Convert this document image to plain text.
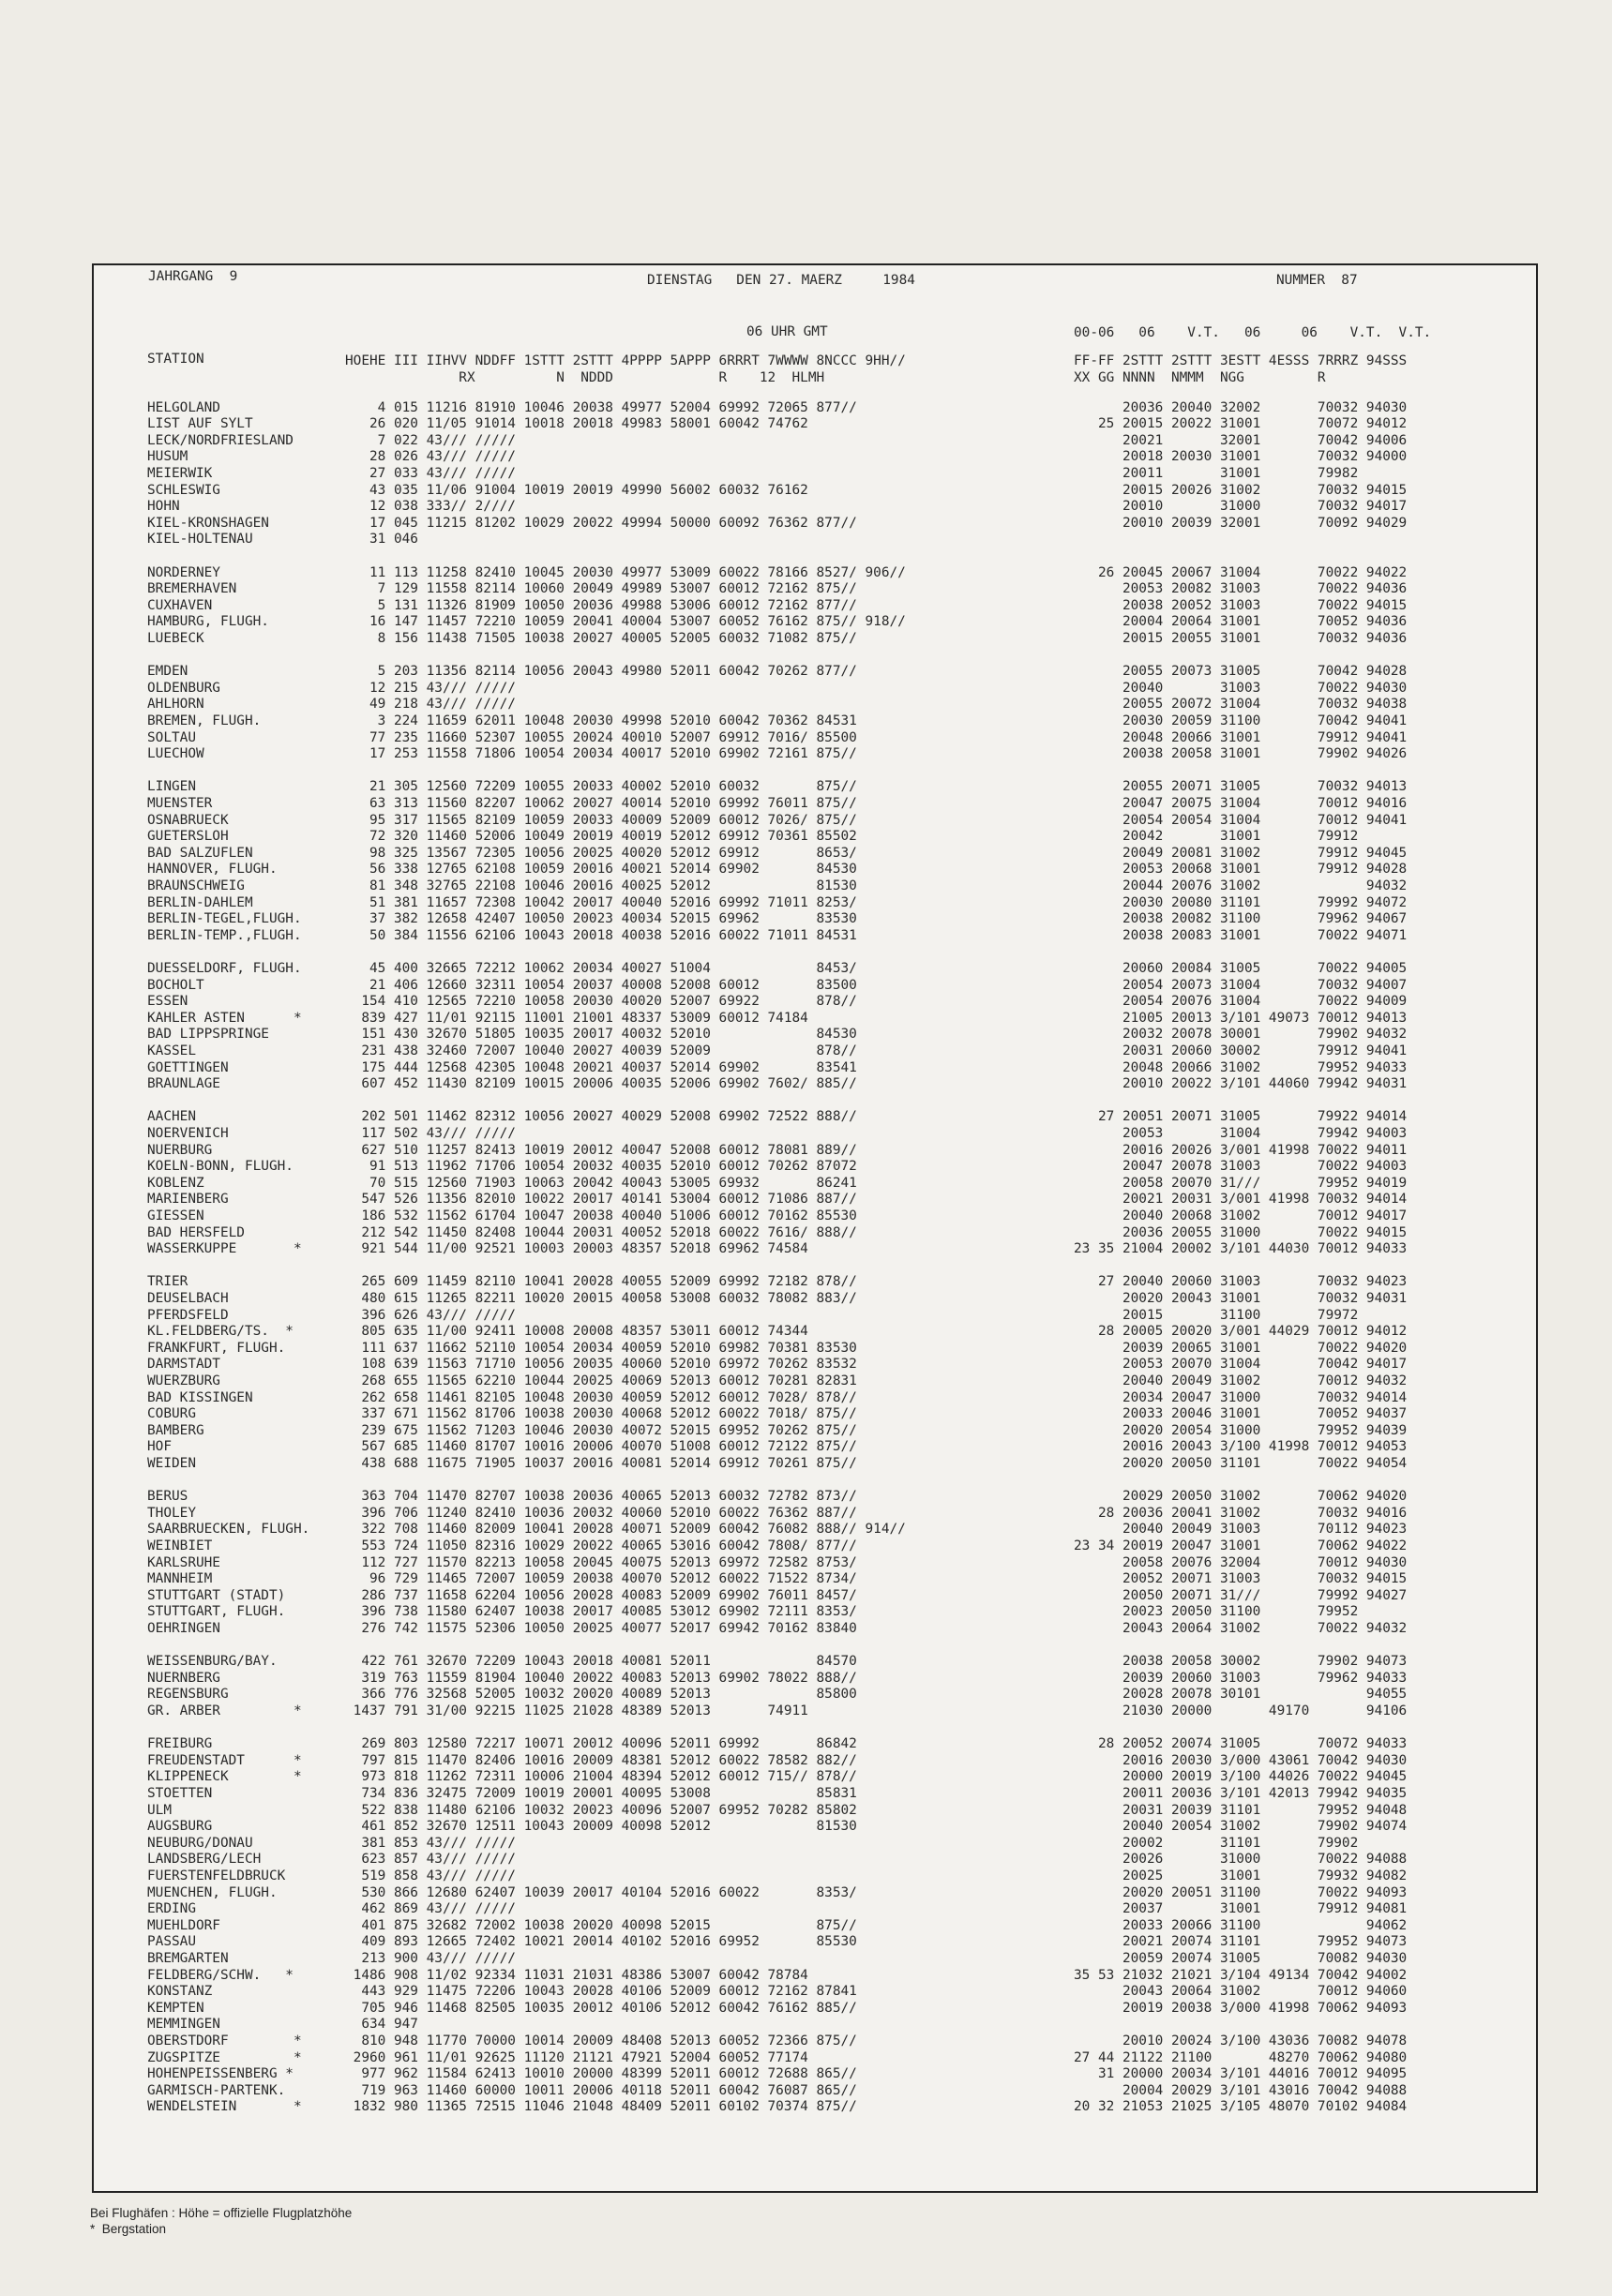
JAHRGANG  9	DIENSTAG   DEN 27. MAERZ     1984	NUMMER  87
06 UHR GMT	00-06   06    V.T.   06     06    V.T.  V.T.
STATION	HOEHE III IIHVV NDDFF 1STTT 2STTT 4PPPP 5APPP 6RRRT 7WWWW 8NCCC 9HH//
RX          N  NDDD             R    12  HLMH
FF-FF 2STTT 2STTT 3ESTT 4ESSS 7RRRZ 94SSS
XX GG NNNN  NMMM  NGG         R
HELGOLAND	4 015 11216 81910 10046 20038 49977 52004 69992 72065 877//	20036 20040 32002       70032 94030
LIST AUF SYLT	26 020 11/05 91014 10018 20018 49983 58001 60042 74762	25 20015 20022 31001       70072 94012
LECK/NORDFRIESLAND	7 022 43/// /////	20021       32001       70042 94006
HUSUM	28 026 43/// /////	20018 20030 31001       70032 94000
MEIERWIK	27 033 43/// /////	20011       31001       79982
SCHLESWIG	43 035 11/06 91004 10019 20019 49990 56002 60032 76162	20015 20026 31002       70032 94015
HOHN	12 038 333// 2////	20010       31000       70032 94017
KIEL-KRONSHAGEN	17 045 11215 81202 10029 20022 49994 50000 60092 76362 877//	20010 20039 32001       70092 94029
KIEL-HOLTENAU	31 046
NORDERNEY	11 113 11258 82410 10045 20030 49977 53009 60022 78166 8527/ 906//	26 20045 20067 31004       70022 94022
BREMERHAVEN	7 129 11558 82114 10060 20049 49989 53007 60012 72162 875//	20053 20082 31003       70022 94036
CUXHAVEN	5 131 11326 81909 10050 20036 49988 53006 60012 72162 877//	20038 20052 31003       70022 94015
HAMBURG, FLUGH.	16 147 11457 72210 10059 20041 40004 53007 60052 76162 875// 918//	20004 20064 31001       70052 94036
LUEBECK	8 156 11438 71505 10038 20027 40005 52005 60032 71082 875//	20015 20055 31001       70032 94036
EMDEN	5 203 11356 82114 10056 20043 49980 52011 60042 70262 877//	20055 20073 31005       70042 94028
OLDENBURG	12 215 43/// /////	20040       31003       70022 94030
AHLHORN	49 218 43/// /////	20055 20072 31004       70032 94038
BREMEN, FLUGH.	3 224 11659 62011 10048 20030 49998 52010 60042 70362 84531	20030 20059 31100       70042 94041
SOLTAU	77 235 11660 52307 10055 20024 40010 52007 69912 7016/ 85500	20048 20066 31001       79912 94041
LUECHOW	17 253 11558 71806 10054 20034 40017 52010 69902 72161 875//	20038 20058 31001       79902 94026
LINGEN	21 305 12560 72209 10055 20033 40002 52010 60032       875//	20055 20071 31005       70032 94013
MUENSTER	63 313 11560 82207 10062 20027 40014 52010 69992 76011 875//	20047 20075 31004       70012 94016
OSNABRUECK	95 317 11565 82109 10059 20033 40009 52009 60012 7026/ 875//	20054 20054 31004       70012 94041
GUETERSLOH	72 320 11460 52006 10049 20019 40019 52012 69912 70361 85502	20042       31001       79912
BAD SALZUFLEN	98 325 13567 72305 10056 20025 40020 52012 69912       8653/	20049 20081 31002       79912 94045
HANNOVER, FLUGH.	56 338 12765 62108 10059 20016 40021 52014 69902       84530	20053 20068 31001       79912 94028
BRAUNSCHWEIG	81 348 32765 22108 10046 20016 40025 52012             81530	20044 20076 31002             94032
BERLIN-DAHLEM	51 381 11657 72308 10042 20017 40040 52016 69992 71011 8253/	20030 20080 31101       79992 94072
BERLIN-TEGEL,FLUGH.	37 382 12658 42407 10050 20023 40034 52015 69962       83530	20038 20082 31100       79962 94067
BERLIN-TEMP.,FLUGH.	50 384 11556 62106 10043 20018 40038 52016 60022 71011 84531	20038 20083 31001       70022 94071
DUESSELDORF, FLUGH.	45 400 32665 72212 10062 20034 40027 51004             8453/	20060 20084 31005       70022 94005
BOCHOLT	21 406 12660 32311 10054 20037 40008 52008 60012       83500	20054 20073 31004       70032 94007
ESSEN	154 410 12565 72210 10058 20030 40020 52007 69922       878//	20054 20076 31004       70022 94009
KAHLER ASTEN      *	839 427 11/01 92115 11001 21001 48337 53009 60012 74184	21005 20013 3/101 49073 70012 94013
BAD LIPPSPRINGE	151 430 32670 51805 10035 20017 40032 52010             84530	20032 20078 30001       79902 94032
KASSEL	231 438 32460 72007 10040 20027 40039 52009             878//	20031 20060 30002       79912 94041
GOETTINGEN	175 444 12568 42305 10048 20021 40037 52014 69902       83541	20048 20066 31002       79952 94033
BRAUNLAGE	607 452 11430 82109 10015 20006 40035 52006 69902 7602/ 885//	20010 20022 3/101 44060 79942 94031
AACHEN	202 501 11462 82312 10056 20027 40029 52008 69902 72522 888//	27 20051 20071 31005       79922 94014
NOERVENICH	117 502 43/// /////	20053       31004       79942 94003
NUERBURG	627 510 11257 82413 10019 20012 40047 52008 60012 78081 889//	20016 20026 3/001 41998 70022 94011
KOELN-BONN, FLUGH.	91 513 11962 71706 10054 20032 40035 52010 60012 70262 87072	20047 20078 31003       70022 94003
KOBLENZ	70 515 12560 71903 10063 20042 40043 53005 69932       86241	20058 20070 31///       79952 94019
MARIENBERG	547 526 11356 82010 10022 20017 40141 53004 60012 71086 887//	20021 20031 3/001 41998 70032 94014
GIESSEN	186 532 11562 61704 10047 20038 40040 51006 60012 70162 85530	20040 20068 31002       70012 94017
BAD HERSFELD	212 542 11450 82408 10044 20031 40052 52018 60022 7616/ 888//	20036 20055 31000       70022 94015
WASSERKUPPE       *	921 544 11/00 92521 10003 20003 48357 52018 69962 74584	23 35 21004 20002 3/101 44030 70012 94033
TRIER	265 609 11459 82110 10041 20028 40055 52009 69992 72182 878//	27 20040 20060 31003       70032 94023
DEUSELBACH	480 615 11265 82211 10020 20015 40058 53008 60032 78082 883//	20020 20043 31001       70032 94031
PFERDSFELD	396 626 43/// /////	20015       31100       79972
KL.FELDBERG/TS.  *	805 635 11/00 92411 10008 20008 48357 53011 60012 74344	28 20005 20020 3/001 44029 70012 94012
FRANKFURT, FLUGH.	111 637 11662 52110 10054 20034 40059 52010 69982 70381 83530	20039 20065 31001       70022 94020
DARMSTADT	108 639 11563 71710 10056 20035 40060 52010 69972 70262 83532	20053 20070 31004       70042 94017
WUERZBURG	268 655 11565 62210 10044 20025 40069 52013 60012 70281 82831	20040 20049 31002       70012 94032
BAD KISSINGEN	262 658 11461 82105 10048 20030 40059 52012 60012 7028/ 878//	20034 20047 31000       70032 94014
COBURG	337 671 11562 81706 10038 20030 40068 52012 60022 7018/ 875//	20033 20046 31001       70052 94037
BAMBERG	239 675 11562 71203 10046 20030 40072 52015 69952 70262 875//	20020 20054 31000       79952 94039
HOF	567 685 11460 81707 10016 20006 40070 51008 60012 72122 875//	20016 20043 3/100 41998 70012 94053
WEIDEN	438 688 11675 71905 10037 20016 40081 52014 69912 70261 875//	20020 20050 31101       70022 94054
BERUS	363 704 11470 82707 10038 20036 40065 52013 60032 72782 873//	20029 20050 31002       70062 94020
THOLEY	396 706 11240 82410 10036 20032 40060 52010 60022 76362 887//	28 20036 20041 31002       70032 94016
SAARBRUECKEN, FLUGH.	322 708 11460 82009 10041 20028 40071 52009 60042 76082 888// 914//	20040 20049 31003       70112 94023
WEINBIET	553 724 11050 82316 10029 20022 40065 53016 60042 7808/ 877//	23 34 20019 20047 31001       70062 94022
KARLSRUHE	112 727 11570 82213 10058 20045 40075 52013 69972 72582 8753/	20058 20076 32004       70012 94030
MANNHEIM	96 729 11465 72007 10059 20038 40070 52012 60022 71522 8734/	20052 20071 31003       70032 94015
STUTTGART (STADT)	286 737 11658 62204 10056 20028 40083 52009 69902 76011 8457/	20050 20071 31///       79992 94027
STUTTGART, FLUGH.	396 738 11580 62407 10038 20017 40085 53012 69902 72111 8353/	20023 20050 31100       79952
OEHRINGEN	276 742 11575 52306 10050 20025 40077 52017 69942 70162 83840	20043 20064 31002       70022 94032
WEISSENBURG/BAY.	422 761 32670 72209 10043 20018 40081 52011             84570	20038 20058 30002       79902 94073
NUERNBERG	319 763 11559 81904 10040 20022 40083 52013 69902 78022 888//	20039 20060 31003       79962 94033
REGENSBURG	366 776 32568 52005 10032 20020 40089 52013             85800	20028 20078 30101             94055
GR. ARBER         *	1437 791 31/00 92215 11025 21028 48389 52013       74911	21030 20000       49170       94106
FREIBURG	269 803 12580 72217 10071 20012 40096 52011 69992       86842	28 20052 20074 31005       70072 94033
FREUDENSTADT      *	797 815 11470 82406 10016 20009 48381 52012 60022 78582 882//	20016 20030 3/000 43061 70042 94030
KLIPPENECK        *	973 818 11262 72311 10006 21004 48394 52012 60012 715// 878//	20000 20019 3/100 44026 70022 94045
STOETTEN	734 836 32475 72009 10019 20001 40095 53008             85831	20011 20036 3/101 42013 79942 94035
ULM	522 838 11480 62106 10032 20023 40096 52007 69952 70282 85802	20031 20039 31101       79952 94048
AUGSBURG	461 852 32670 12511 10043 20009 40098 52012             81530	20040 20054 31002       79902 94074
NEUBURG/DONAU	381 853 43/// /////	20002       31101       79902
LANDSBERG/LECH	623 857 43/// /////	20026       31000       70022 94088
FUERSTENFELDBRUCK	519 858 43/// /////	20025       31001       79932 94082
MUENCHEN, FLUGH.	530 866 12680 62407 10039 20017 40104 52016 60022       8353/	20020 20051 31100       70022 94093
ERDING	462 869 43/// /////	20037       31001       79912 94081
MUEHLDORF	401 875 32682 72002 10038 20020 40098 52015             875//	20033 20066 31100             94062
PASSAU	409 893 12665 72402 10021 20014 40102 52016 69952       85530	20021 20074 31101       79952 94073
BREMGARTEN	213 900 43/// /////	20059 20074 31005       70082 94030
FELDBERG/SCHW.   *	1486 908 11/02 92334 11031 21031 48386 53007 60042 78784	35 53 21032 21021 3/104 49134 70042 94002
KONSTANZ	443 929 11475 72206 10043 20028 40106 52009 60012 72162 87841	20043 20064 31002       70012 94060
KEMPTEN	705 946 11468 82505 10035 20012 40106 52012 60042 76162 885//	20019 20038 3/000 41998 70062 94093
MEMMINGEN	634 947
OBERSTDORF        *	810 948 11770 70000 10014 20009 48408 52013 60052 72366 875//	20010 20024 3/100 43036 70082 94078
ZUGSPITZE         *	2960 961 11/01 92625 11120 21121 47921 52004 60052 77174	27 44 21122 21100       48270 70062 94080
HOHENPEISSENBERG *	977 962 11584 62413 10010 20000 48399 52011 60012 72688 865//	31 20000 20034 3/101 44016 70012 94095
GARMISCH-PARTENK.	719 963 11460 60000 10011 20006 40118 52011 60042 76087 865//	20004 20029 3/101 43016 70042 94088
WENDELSTEIN       *	1832 980 11365 72515 11046 21048 48409 52011 60102 70374 875//	20 32 21053 21025 3/105 48070 70102 94084
Bei Flughäfen : Höhe = offizielle Flugplatzhöhe
*  Bergstation
